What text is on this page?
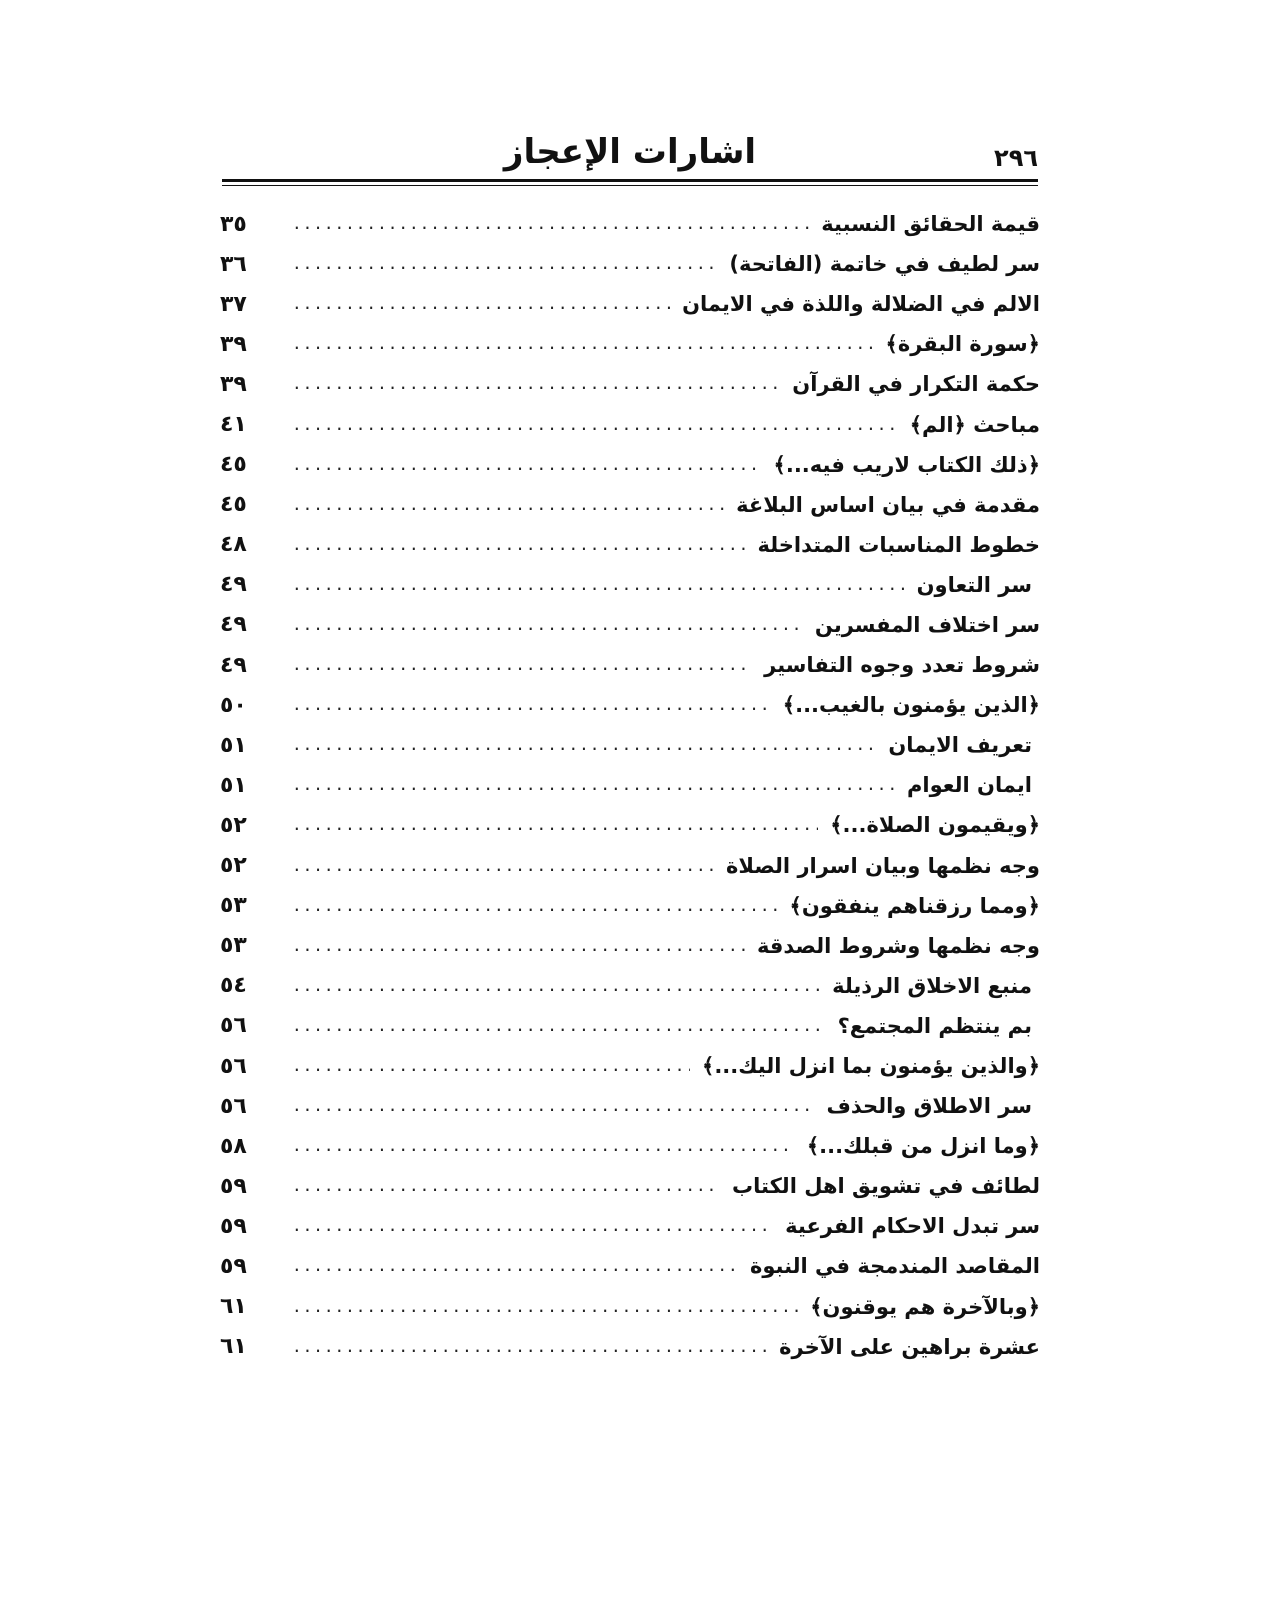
اشارات الإعجاز	٢٩٦
قيمة الحقائق النسبية
.....
٣٥
سر لطيف في خاتمة (الفاتحة)
.....
٣٦
الالم في الضلالة واللذة في الايمان
.....
٣٧
﴿سورة البقرة﴾
.....
٣٩
حكمة التكرار في القرآن
.....
٣٩
مباحث ﴿الم﴾
.....
٤١
﴿ذلك الكتاب لاريب فيه...﴾
.....
٤٥
مقدمة في بيان اساس البلاغة
.....
٤٥
خطوط المناسبات المتداخلة
.....
٤٨
سر التعاون
.....
٤٩
سر اختلاف المفسرين
.....
٤٩
شروط تعدد وجوه التفاسير
.....
٤٩
﴿الذين يؤمنون بالغيب...﴾
.....
٥٠
تعريف الايمان
.....
٥١
ايمان العوام
.....
٥١
﴿ويقيمون الصلاة...﴾
.....
٥٢
وجه نظمها وبيان اسرار الصلاة
.....
٥٢
﴿ومما رزقناهم ينفقون﴾
.....
٥٣
وجه نظمها وشروط الصدقة
.....
٥٣
منبع الاخلاق الرذيلة
.....
٥٤
بم ينتظم المجتمع؟
.....
٥٦
﴿والذين يؤمنون بما انزل اليك...﴾
.....
٥٦
سر الاطلاق والحذف
.....
٥٦
﴿وما انزل من قبلك...﴾
.....
٥٨
لطائف في تشويق اهل الكتاب
.....
٥٩
سر تبدل الاحكام الفرعية
.....
٥٩
المقاصد المندمجة في النبوة
.....
٥٩
﴿وبالآخرة هم يوقنون﴾
.....
٦١
عشرة براهين على الآخرة
.....
٦١
